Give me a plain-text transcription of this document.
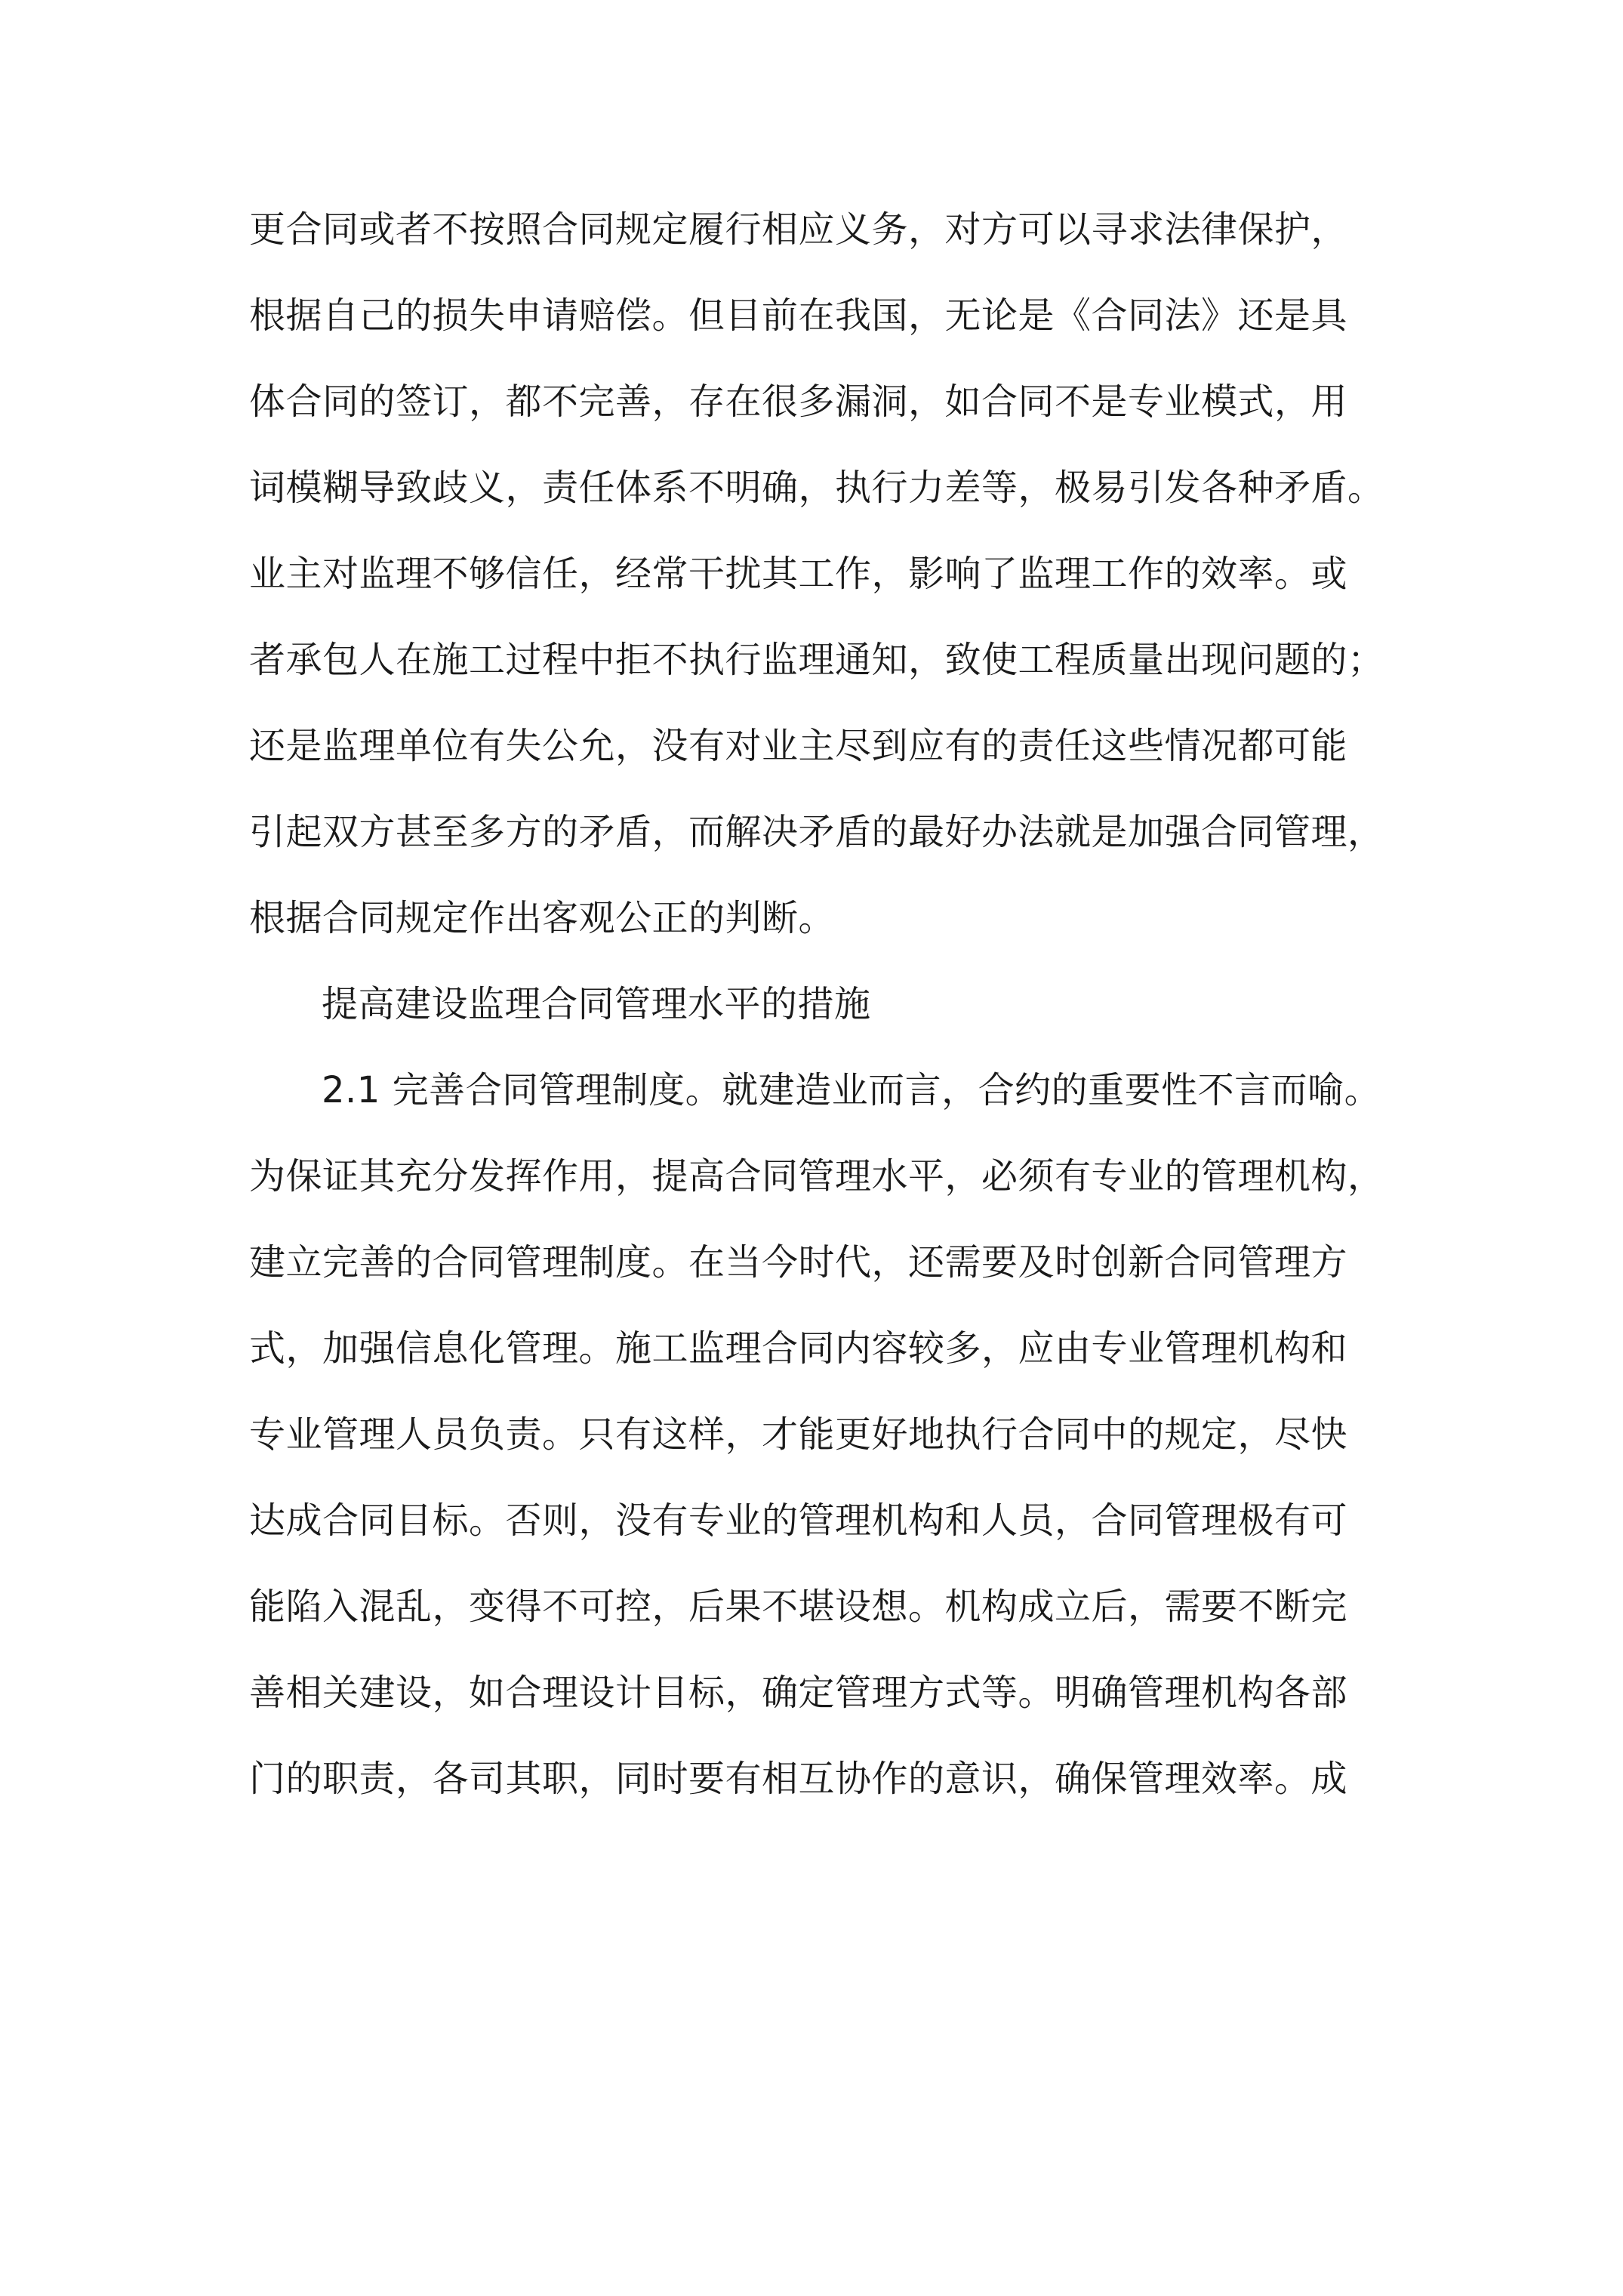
更合同或者不按照合同规定履行相应义务，对方可以寻求法律保护，
根据自己的损失申请赔偿。但目前在我国，无论是《合同法》还是具
体合同的签订，都不完善，存在很多漏洞，如合同不是专业模式，用
词模糊导致歧义，责任体系不明确，执行力差等，极易引发各种矛盾。
业主对监理不够信任，经常干扰其工作，影响了监理工作的效率。或
者承包人在施工过程中拒不执行监理通知，致使工程质量出现问题的；
还是监理单位有失公允，没有对业主尽到应有的责任这些情况都可能
引起双方甚至多方的矛盾，而解决矛盾的最好办法就是加强合同管理，
根据合同规定作出客观公正的判断。
提高建设监理合同管理水平的措施
2.1 完善合同管理制度。就建造业而言，合约的重要性不言而喻。
为保证其充分发挥作用，提高合同管理水平，必须有专业的管理机构，
建立完善的合同管理制度。在当今时代，还需要及时创新合同管理方
式，加强信息化管理。施工监理合同内容较多，应由专业管理机构和
专业管理人员负责。只有这样，才能更好地执行合同中的规定，尽快
达成合同目标。否则，没有专业的管理机构和人员，合同管理极有可
能陷入混乱，变得不可控，后果不堪设想。机构成立后，需要不断完
善相关建设，如合理设计目标，确定管理方式等。明确管理机构各部
门的职责，各司其职，同时要有相互协作的意识，确保管理效率。成
